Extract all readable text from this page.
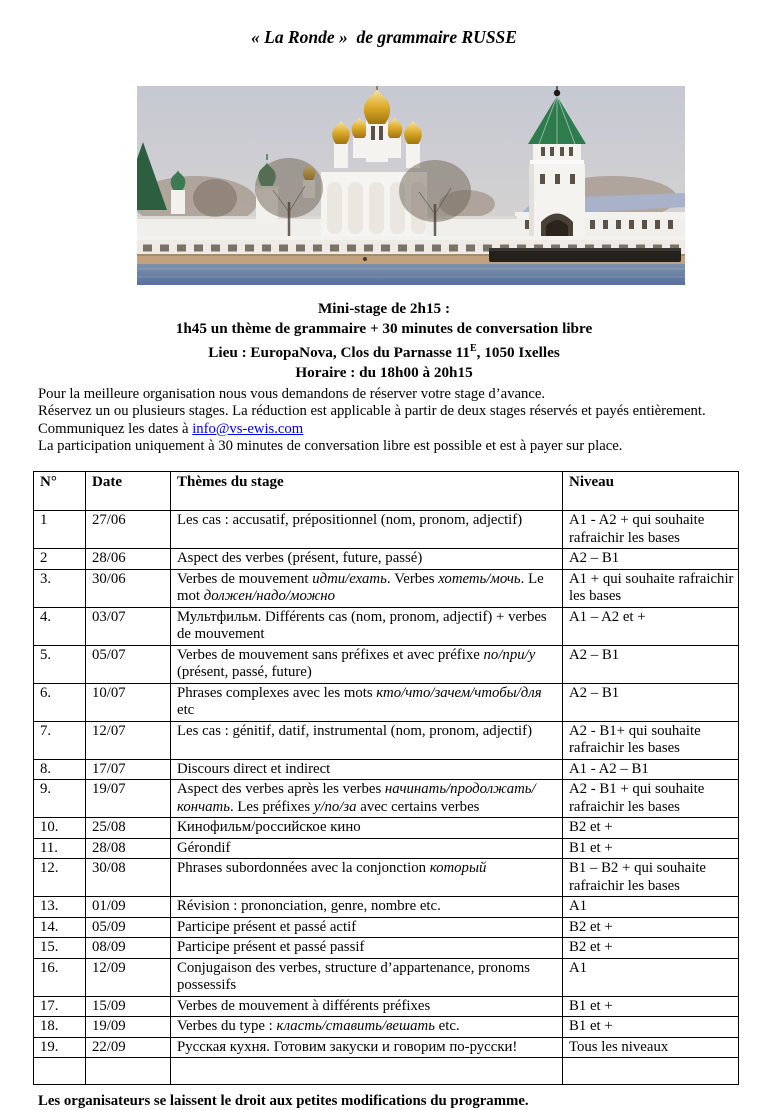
« La Ronde »  de grammaire RUSSE
Mini-stage de 2h15 :
1h45 un thème de grammaire + 30 minutes de conversation libre
Lieu : EuropaNova, Clos du Parnasse $11^E$, 1050 Ixelles
Horaire : du 18h00 à 20h15

Pour la meilleure organisation nous vous demandons de réserver votre stage d’avance.

Réservez un ou plusieurs stages. La réduction est applicable à partir de deux stages réservés et payés entièrement. Communiquez les dates à info@vs-ewis.com

La participation uniquement à 30 minutes de conversation libre est possible et est à payer sur place.

N°	Date	Thèmes du stage	Niveau
1	27/06	Les cas : accusatif, prépositionnel (nom, pronom, adjectif)	A1 - A2 + qui souhaite rafraichir les bases
2	28/06	Aspect des verbes (présent, future, passé)	A2 – B1
3.	30/06	Verbes de mouvement идти/ехать. Verbes хотеть/мочь. Le mot должен/надо/можно	A1 + qui souhaite rafraichir les bases
4.	03/07	Мультфильм. Différents cas (nom, pronom, adjectif) + verbes de mouvement	A1 – A2 et +
5.	05/07	Verbes de mouvement sans préfixes et avec préfixe по/при/у (présent, passé, future)	A2 – B1
6.	10/07	Phrases complexes avec les mots кто/что/зачем/чтобы/для etc	A2 – B1
7.	12/07	Les cas : génitif, datif, instrumental (nom, pronom, adjectif)	A2 - B1+ qui souhaite rafraichir les bases
8.	17/07	Discours direct et indirect	A1 - A2 – B1
9.	19/07	Aspect des verbes après les verbes начинать/продолжать/кончать. Les préfixes у/по/за avec certains verbes	A2 - B1 + qui souhaite rafraichir les bases
10.	25/08	Кинофильм/российское кино	B2 et +
11.	28/08	Gérondif	B1 et +
12.	30/08	Phrases subordonnées avec la conjonction который	B1 – B2 + qui souhaite rafraichir les bases
13.	01/09	Révision : prononciation, genre, nombre etc.	A1
14.	05/09	Participe présent et passé actif	B2 et +
15.	08/09	Participe présent et passé passif	B2 et +
16.	12/09	Conjugaison des verbes, structure d’appartenance, pronoms possessifs	A1
17.	15/09	Verbes de mouvement à différents préfixes	B1 et +
18.	19/09	Verbes du type : класть/ставить/вешать etc.	B1 et +
19.	22/09	Русская кухня. Готовим закуски и говорим по-русски!	Tous les niveaux

Les organisateurs se laissent le droit aux petites modifications du programme.
